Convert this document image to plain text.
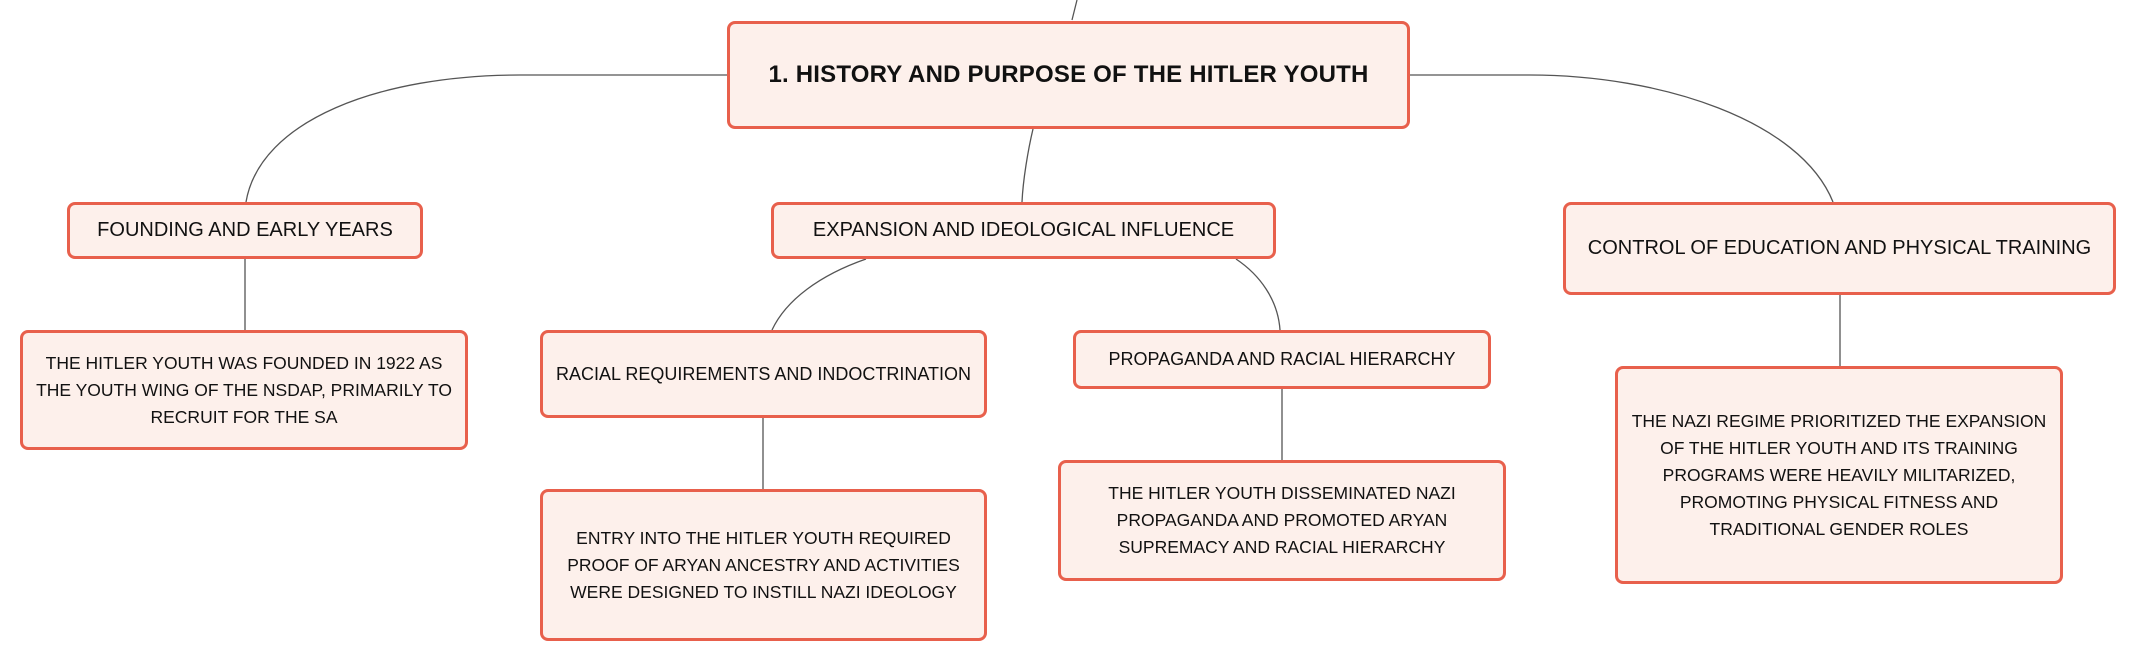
1. HISTORY AND PURPOSE OF THE HITLER YOUTH
FOUNDING AND EARLY YEARS	EXPANSION AND IDEOLOGICAL INFLUENCE
CONTROL OF EDUCATION AND PHYSICAL TRAINING
THE HITLER YOUTH WAS FOUNDED IN 1922 AS THE YOUTH WING OF THE NSDAP, PRIMARILY TO RECRUIT FOR THE SA
RACIAL REQUIREMENTS AND INDOCTRINATION
PROPAGANDA AND RACIAL HIERARCHY
ENTRY INTO THE HITLER YOUTH REQUIRED PROOF OF ARYAN ANCESTRY AND ACTIVITIES WERE DESIGNED TO INSTILL NAZI IDEOLOGY
THE HITLER YOUTH DISSEMINATED NAZI PROPAGANDA AND PROMOTED ARYAN SUPREMACY AND RACIAL HIERARCHY
THE NAZI REGIME PRIORITIZED THE EXPANSION OF THE HITLER YOUTH AND ITS TRAINING PROGRAMS WERE HEAVILY MILITARIZED, PROMOTING PHYSICAL FITNESS AND TRADITIONAL GENDER ROLES
